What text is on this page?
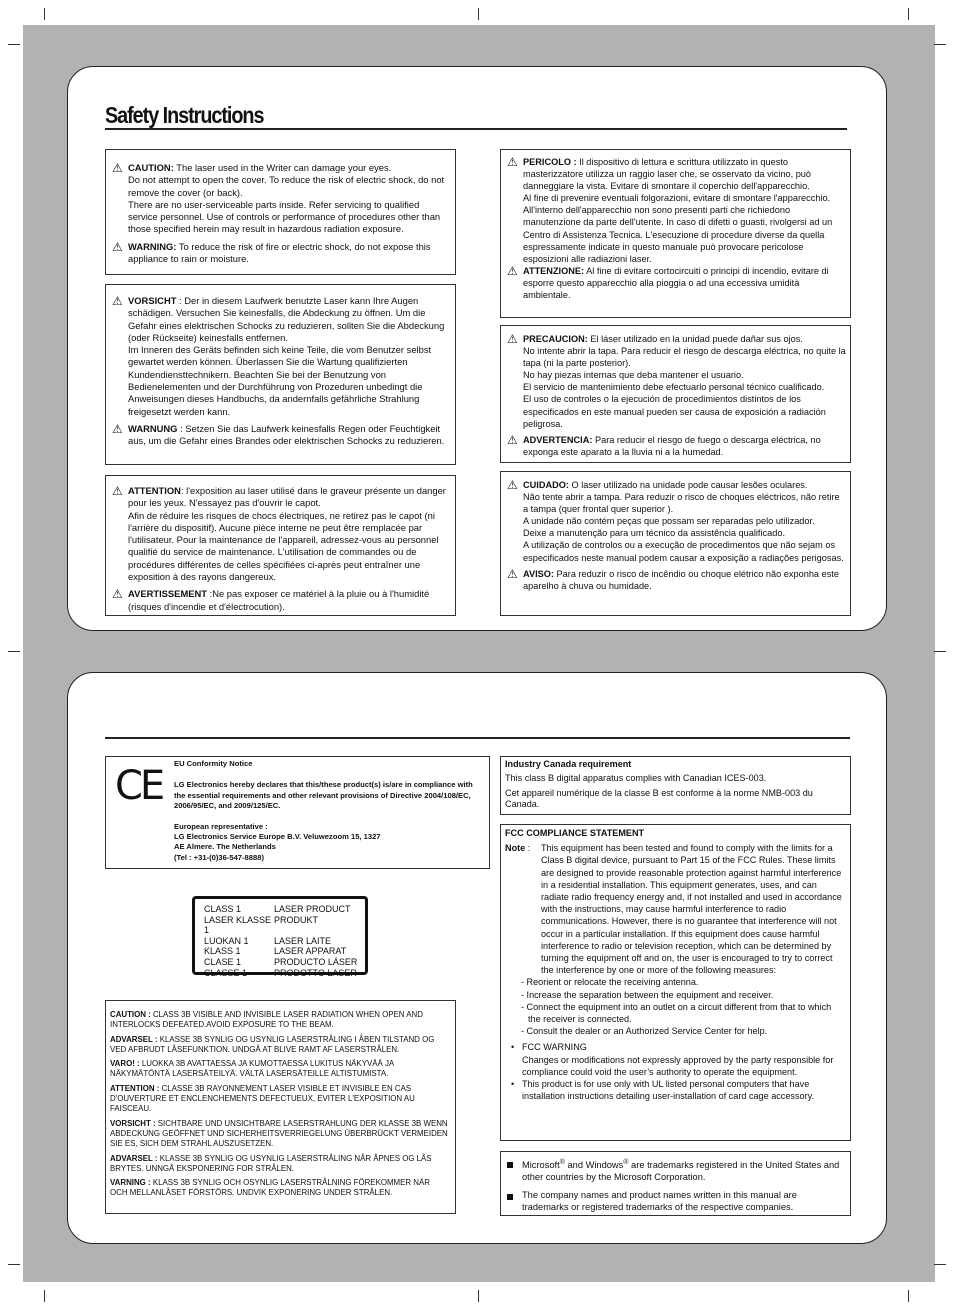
Safety Instructions
⚠ CAUTION: The laser used in the Writer can damage your eyes.
Do not attempt to open the cover. To reduce the risk of electric shock, do not remove the cover (or back).
There are no user-serviceable parts inside. Refer servicing to qualified service personnel. Use of controls or performance of procedures other than those specified herein may result in hazardous radiation exposure.
⚠ WARNING: To reduce the risk of fire or electric shock, do not expose this appliance to rain or moisture.
⚠ VORSICHT : Der in diesem Laufwerk benutzte Laser kann Ihre Augen schädigen. Versuchen Sie keinesfalls, die Abdeckung zu öffnen. Um die Gefahr eines elektrischen Schocks zu reduzieren, sollten Sie die Abdeckung (oder Rückseite) keinesfalls entfernen.
Im Inneren des Geräts befinden sich keine Teile, die vom Benutzer selbst gewartet werden können. Überlassen Sie die Wartung qualifizierten Kundendiensttechnikern. Beachten Sie bei der Benutzung von Bedienelementen und der Durchführung von Prozeduren unbedingt die Anweisungen dieses Handbuchs, da andernfalls gefährliche Strahlung freigesetzt werden kann.
⚠ WARNUNG : Setzen Sie das Laufwerk keinesfalls Regen oder Feuchtigkeit aus, um die Gefahr eines Brandes oder elektrischen Schocks zu reduzieren.
⚠ ATTENTION: l'exposition au laser utilisé dans le graveur présente un danger pour les yeux. N'essayez pas d'ouvrir le capot.
Afin de réduire les risques de chocs électriques, ne retirez pas le capot (ni l'arrière du dispositif). Aucune pièce interne ne peut être remplacée par l'utilisateur. Pour la maintenance de l'appareil, adressez-vous au personnel qualifié du service de maintenance. L'utilisation de commandes ou de procédures différentes de celles spécifiées ci-après peut entraîner une exposition à des rayons dangereux.
⚠ AVERTISSEMENT :Ne pas exposer ce matériel à la pluie ou à l'humidité (risques d'incendie et d'électrocution).
⚠ PERICOLO : Il dispositivo di lettura e scrittura utilizzato in questo masterizzatore utilizza un raggio laser che, se osservato da vicino, può danneggiare la vista. Evitare di smontare il coperchio dell'apparecchio.
Al fine di prevenire eventuali folgorazioni, evitare di smontare l'apparecchio. All'interno dell'apparecchio non sono presenti parti che richiedono manutenzione da parte dell'utente. In caso di difetti o guasti, rivolgersi ad un Centro di Assistenza Tecnica. L'esecuzione di procedure diverse da quella espressamente indicate in questo manuale può provocare pericolose esposizioni alle radiazioni laser.
⚠ ATTENZIONE: Al fine di evitare cortocircuiti o principi di incendio, evitare di esporre questo apparecchio alla pioggia o ad una eccessiva umidità ambientale.
⚠ PRECAUCION: El láser utilizado en la unidad puede dañar sus ojos.
No intente abrir la tapa. Para reducir el riesgo de descarga eléctrica, no quite la tapa (ni la parte posterior).
No hay piezas internas que deba mantener el usuario.
El servicio de mantenimiento debe efectuarlo personal técnico cualificado.
El uso de controles o la ejecución de procedimientos distintos de los especificados en este manual pueden ser causa de exposición a radiación peligrosa.
⚠ ADVERTENCIA: Para reducir el riesgo de fuego o descarga eléctrica, no exponga este aparato a la lluvia ni a la humedad.
⚠ CUIDADO: O laser utilizado na unidade pode causar lesões oculares.
Não tente abrir a tampa. Para reduzir o risco de choques eléctricos, não retire a tampa (quer frontal quer superior ).
A unidade não contém peças que possam ser reparadas pelo utilizador.
Deixe a manutenção para um técnico da assistência qualificado.
A utilização de controlos ou a execução de procedimentos que não sejam os especificados neste manual podem causar a exposição a radiações perigosas.
⚠ AVISO: Para reduzir o risco de incêndio ou choque elétrico não exponha este aparelho à chuva ou humidade.
CE EU Conformity Notice
LG Electronics hereby declares that this/these product(s) is/are in compliance with the essential requirements and other relevant provisions of Directive 2004/108/EC, 2006/95/EC, and 2009/125/EC.
European representative :
LG Electronics Service Europe B.V. Veluwezoom 15, 1327
AE Almere. The Netherlands
(Tel : +31-(0)36-547-8888)
CLASS 1	LASER PRODUCT
LASER KLASSE 1	PRODUKT
LUOKAN 1	LASER LAITE
KLASS 1	LASER APPARAT
CLASE 1	PRODUCTO LÁSER
CLASSE 1	PRODOTTO LASER
CAUTION : CLASS 3B VISIBLE AND INVISIBLE LASER RADIATION WHEN OPEN AND INTERLOCKS DEFEATED.AVOID EXPOSURE TO THE BEAM.
ADVARSEL : KLASSE 3B SYNLIG OG USYNLIG LASERSTRÅLING I ÅBEN TILSTAND OG VED AFBRUDT LÅSEFUNKTION. UNDGÅ AT BLIVE RAMT AF LASERSTRÅLEN.
VARO! : LUOKKA 3B AVATTAESSA JA KUMOTTAESSA LUKITUS NÄKYVÄÄ JA NÄKYMÄTÖNTÄ LASERSÄTEILYÄ. VÄLTÄ LASERSÄTEILLE ALTISTUMISTA.
ATTENTION : CLASSE 3B RAYONNEMENT LASER VISIBLE ET INVISIBLE EN CAS D'OUVERTURE ET ENCLENCHEMENTS DEFECTUEUX, EVITER L'EXPOSITION AU FAISCEAU.
VORSICHT : SICHTBARE UND UNSICHTBARE LASERSTRAHLUNG DER KLASSE 3B WENN ABDECKUNG GEÖFFNET UND SICHERHEITSVERRIEGELUNG ÜBERBRÜCKT VERMEIDEN SIE ES, SICH DEM STRAHL AUSZUSETZEN.
ADVARSEL : KLASSE 3B SYNLIG OG USYNLIG LASERSTRÅLING NÅR ÅPNES OG LÅS BRYTES. UNNGÅ EKSPONERING FOR STRÅLEN.
VARNING : KLASS 3B SYNLIG OCH OSYNLIG LASERSTRÅLNING FÖREKOMMER NÄR OCH MELLANLÅSET FÖRSTÖRS. UNDVIK EXPONERING UNDER STRÅLEN.
Industry Canada requirement
This class B digital apparatus complies with Canadian ICES-003.
Cet appareil numérique de la classe B est conforme à la norme NMB-003 du Canada.
FCC COMPLIANCE STATEMENT
Note : This equipment has been tested and found to comply with the limits for a Class B digital device, pursuant to Part 15 of the FCC Rules. These limits are designed to provide reasonable protection against harmful interference in a residential installation. This equipment generates, uses, and can radiate radio frequency energy and, if not installed and used in accordance with the instructions, may cause harmful interference to radio communications. However, there is no guarantee that interference will not occur in a particular installation. If this equipment does cause harmful interference to radio or television reception, which can be determined by turning the equipment off and on, the user is encouraged to try to correct the interference by one or more of the following measures:
- Reorient or relocate the receiving antenna.
- Increase the separation between the equipment and receiver.
- Connect the equipment into an outlet on a circuit different from that to which the receiver is connected.
- Consult the dealer or an Authorized Service Center for help.
• FCC WARNING
Changes or modifications not expressly approved by the party responsible for compliance could void the user’s authority to operate the equipment.
• This product is for use only with UL listed personal computers that have installation instructions detailing user-installation of card cage accessory.
Microsoft® and Windows® are trademarks registered in the United States and other countries by the Microsoft Corporation.
The company names and product names written in this manual are trademarks or registered trademarks of the respective companies.
